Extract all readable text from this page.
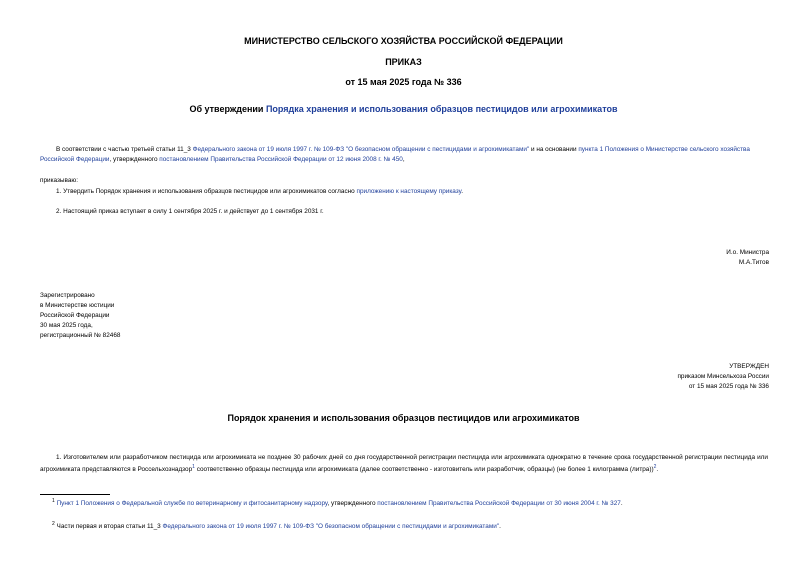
МИНИСТЕРСТВО СЕЛЬСКОГО ХОЗЯЙСТВА РОССИЙСКОЙ ФЕДЕРАЦИИ
ПРИКАЗ
от 15 мая 2025 года № 336
Об утверждении Порядка хранения и использования образцов пестицидов или агрохимикатов
В соответствии с частью третьей статьи 11_3 Федерального закона от 19 июля 1997 г. № 109-ФЗ "О безопасном обращении с пестицидами и агрохимикатами" и на основании пункта 1 Положения о Министерстве сельского хозяйства Российской Федерации, утвержденного постановлением Правительства Российской Федерации от 12 июня 2008 г. № 450,
приказываю:
1. Утвердить Порядок хранения и использования образцов пестицидов или агрохимикатов согласно приложению к настоящему приказу.
2. Настоящий приказ вступает в силу 1 сентября 2025 г. и действует до 1 сентября 2031 г.
И.о. Министра
М.А.Титов
Зарегистрировано
в Министерстве юстиции
Российской Федерации
30 мая 2025 года,
регистрационный № 82468
УТВЕРЖДЕН
приказом Минсельхоза России
от 15 мая 2025 года № 336
Порядок хранения и использования образцов пестицидов или агрохимикатов
1. Изготовителем или разработчиком пестицида или агрохимиката не позднее 30 рабочих дней со дня государственной регистрации пестицида или агрохимиката однократно в течение срока государственной регистрации пестицида или агрохимиката представляются в Россельхознадзор$^1$ соответственно образцы пестицида или агрохимиката (далее соответственно - изготовитель или разработчик, образцы) (не более 1 килограмма (литра))$^2$.
$^1$ Пункт 1 Положения о Федеральной службе по ветеринарному и фитосанитарному надзору, утвержденного постановлением Правительства Российской Федерации от 30 июня 2004 г. № 327.
$^2$ Части первая и вторая статьи 11_3 Федерального закона от 19 июля 1997 г. № 109-ФЗ "О безопасном обращении с пестицидами и агрохимикатами".
